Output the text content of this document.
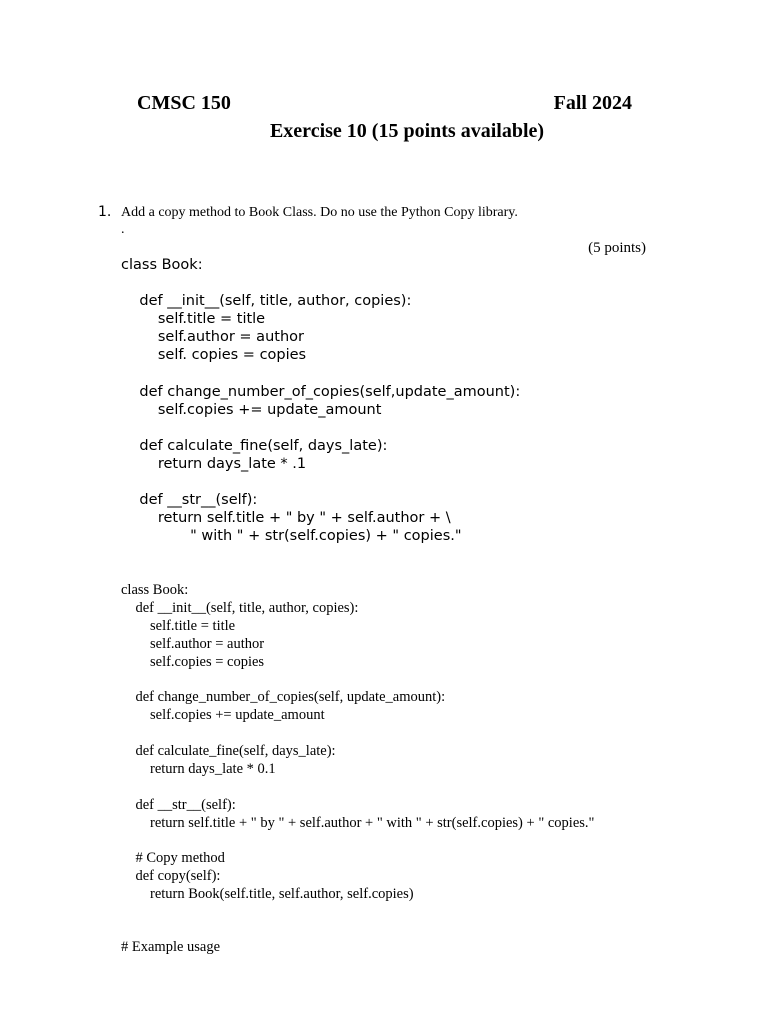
CMSC 150	Fall 2024
Exercise 10 (15 points available)
1. Add a copy method to Book Class. Do no use the Python Copy library.
.
(5 points)
class Book:
def __init__(self, title, author, copies):
self.title = title
self.author = author
self. copies = copies
def change_number_of_copies(self,update_amount):
self.copies += update_amount
def calculate_fine(self, days_late):
return days_late * .1
def __str__(self):
return self.title + " by " + self.author + \
" with " + str(self.copies) + " copies."
class Book:
def __init__(self, title, author, copies):
self.title = title
self.author = author
self.copies = copies
def change_number_of_copies(self, update_amount):
self.copies += update_amount
def calculate_fine(self, days_late):
return days_late * 0.1
def __str__(self):
return self.title + " by " + self.author + " with " + str(self.copies) + " copies."
# Copy method
def copy(self):
return Book(self.title, self.author, self.copies)
# Example usage
